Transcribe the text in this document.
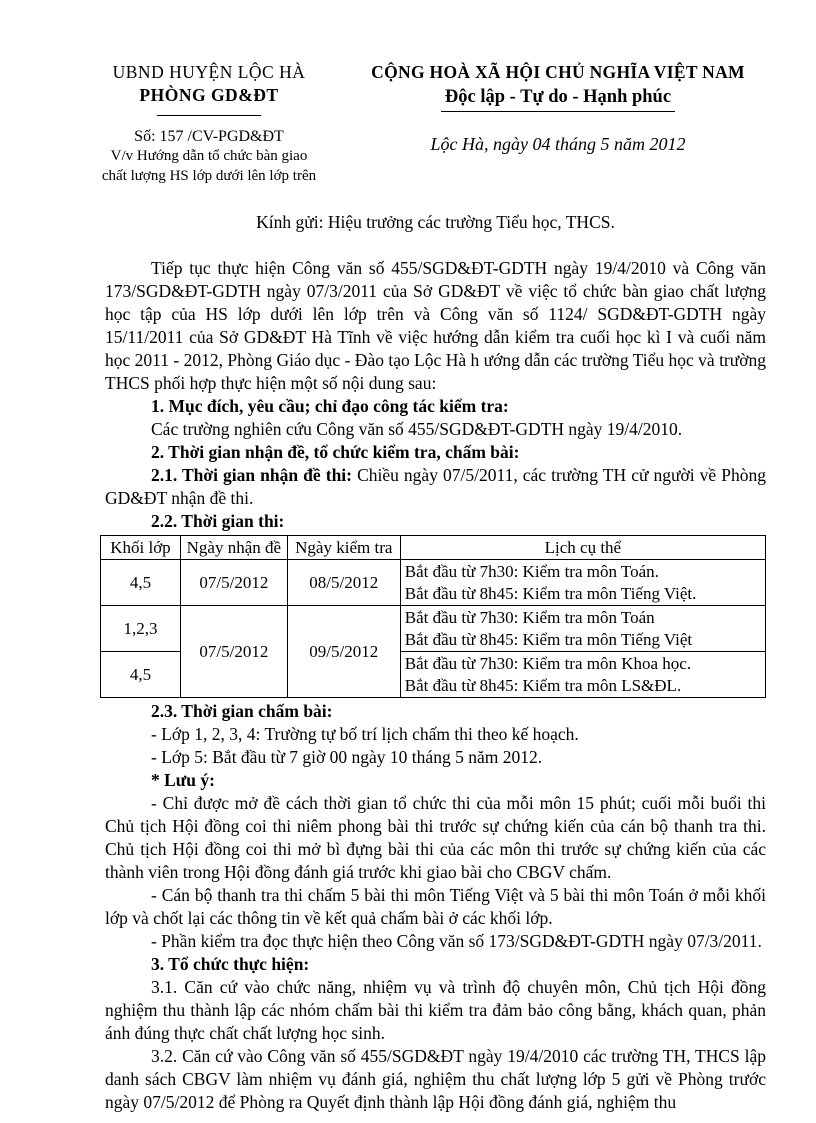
UBND HUYỆN LỘC HÀ
PHÒNG GD&ĐT
Số: 157 /CV-PGD&ĐT
V/v Hướng dẫn tổ chức bàn giao
chất lượng HS lớp dưới lên lớp trên
CỘNG HOÀ XÃ HỘI CHỦ NGHĨA VIỆT NAM
Độc lập - Tự do - Hạnh phúc
Lộc Hà, ngày 04 tháng 5 năm 2012
Kính gửi: Hiệu trưởng các trường Tiểu học, THCS.

Tiếp tục thực hiện Công văn số 455/SGD&ĐT-GDTH ngày 19/4/2010 và Công văn 173/SGD&ĐT-GDTH ngày 07/3/2011 của Sở GD&ĐT về việc tổ chức bàn giao chất lượng học tập của HS lớp dưới lên lớp trên và Công văn số 1124/ SGD&ĐT-GDTH ngày 15/11/2011 của Sở GD&ĐT Hà Tĩnh về việc hướng dẫn kiểm tra cuối học kì I và cuối năm học 2011 - 2012, Phòng Giáo dục - Đào tạo Lộc Hà h ướng dẫn các trường Tiểu học và trường THCS phối hợp thực hiện một số nội dung sau:

1. Mục đích, yêu cầu; chỉ đạo công tác kiểm tra:

Các trường nghiên cứu Công văn số 455/SGD&ĐT-GDTH ngày 19/4/2010.

2. Thời gian nhận đề, tổ chức kiểm tra, chấm bài:

2.1. Thời gian nhận đề thi: Chiều ngày 07/5/2011, các trường TH cử người về Phòng GD&ĐT nhận đề thi.

2.2. Thời gian thi:

Khối lớp	Ngày nhận đề	Ngày kiểm tra	Lịch cụ thể
4,5	07/5/2012	08/5/2012	Bắt đầu từ 7h30: Kiểm tra môn Toán.
Bắt đầu từ 8h45: Kiểm tra môn Tiếng Việt.

1,2,3	07/5/2012	09/5/2012	Bắt đầu từ 7h30: Kiểm tra môn Toán
Bắt đầu từ 8h45: Kiểm tra môn Tiếng Việt

4,5			Bắt đầu từ 7h30: Kiểm tra môn Khoa học.
Bắt đầu từ 8h45: Kiểm tra môn LS&ĐL.

2.3. Thời gian chấm bài:

- Lớp 1, 2, 3, 4: Trường tự bố trí lịch chấm thi theo kế hoạch.

- Lớp 5: Bắt đầu từ 7 giờ 00 ngày 10 tháng 5 năm 2012.

* Lưu ý:

- Chỉ được mở đề cách thời gian tổ chức thi của mỗi môn 15 phút; cuối mỗi buổi thi Chủ tịch Hội đồng coi thi niêm phong bài thi trước sự chứng kiến của cán bộ thanh tra thi. Chủ tịch Hội đồng coi thi mở bì đựng bài thi của các môn thi trước sự chứng kiến của các thành viên trong Hội đồng đánh giá trước khi giao bài cho CBGV chấm.

- Cán bộ thanh tra thi chấm 5 bài thi môn Tiếng Việt và 5 bài thi môn Toán ở mỗi khối lớp và chốt lại các thông tin về kết quả chấm bài ở các khối lớp.

- Phần kiểm tra đọc thực hiện theo Công văn số 173/SGD&ĐT-GDTH ngày 07/3/2011.

3. Tổ chức thực hiện:

3.1. Căn cứ vào chức năng, nhiệm vụ và trình độ chuyên môn, Chủ tịch Hội đồng nghiệm thu thành lập các nhóm chấm bài thi kiểm tra đảm bảo công bằng, khách quan, phản ánh đúng thực chất chất lượng học sinh.

3.2. Căn cứ vào Công văn số 455/SGD&ĐT ngày 19/4/2010 các trường TH, THCS lập danh sách CBGV làm nhiệm vụ đánh giá, nghiệm thu chất lượng lớp 5 gửi về Phòng trước ngày 07/5/2012 để Phòng ra Quyết định thành lập Hội đồng đánh giá, nghiệm thu
